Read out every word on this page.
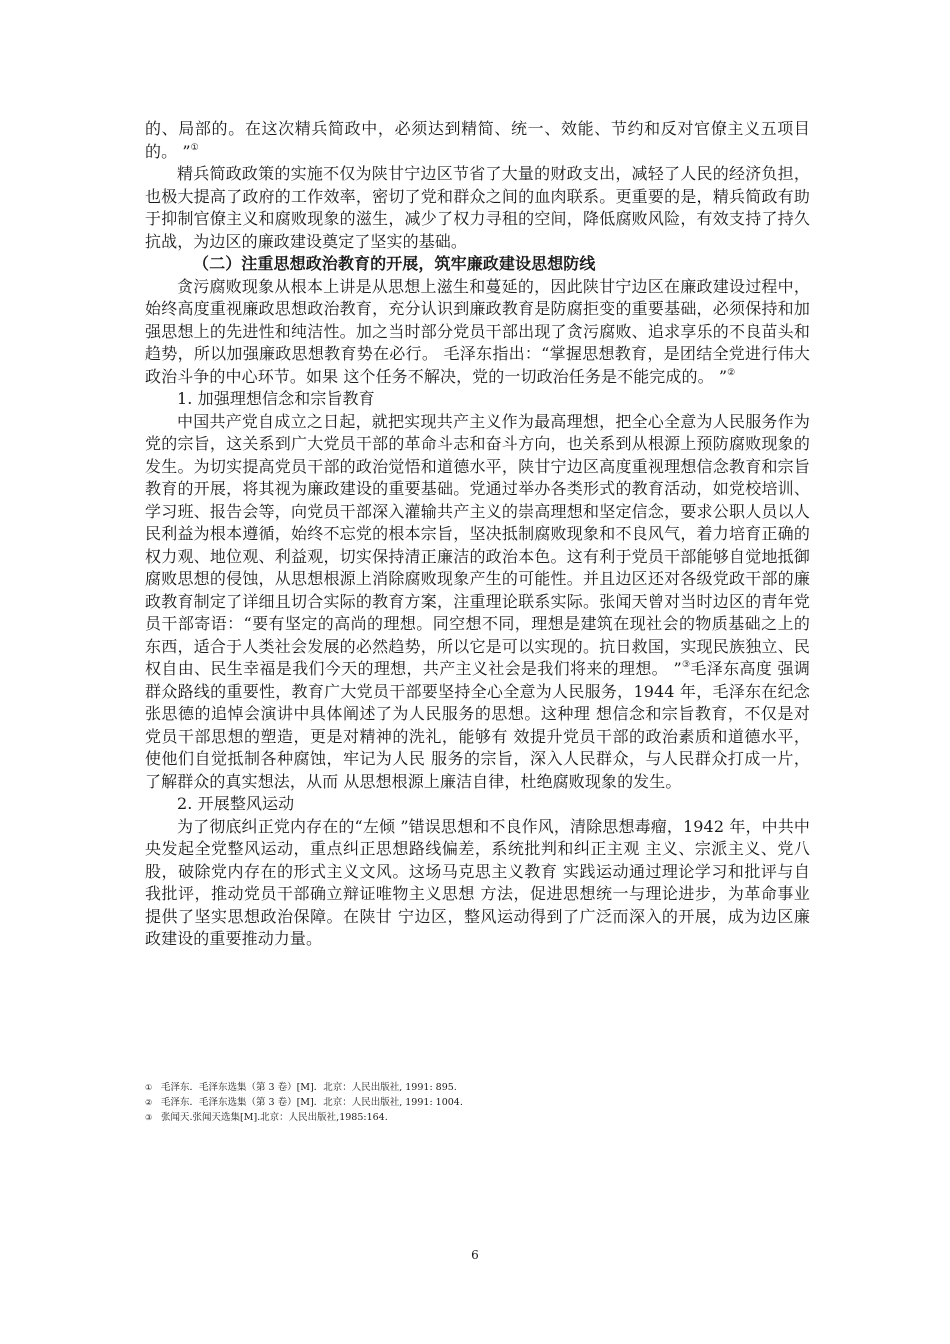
的、局部的。在这次精兵简政中，必须达到精简、统一、效能、节约和反对官僚主义五项目的。 ”①

精兵简政政策的实施不仅为陕甘宁边区节省了大量的财政支出，减轻了人民的经济负担，也极大提高了政府的工作效率，密切了党和群众之间的血肉联系。更重要的是，精兵简政有助于抑制官僚主义和腐败现象的滋生，减少了权力寻租的空间，降低腐败风险，有效支持了持久抗战，为边区的廉政建设奠定了坚实的基础。

（二）注重思想政治教育的开展，筑牢廉政建设思想防线

贪污腐败现象从根本上讲是从思想上滋生和蔓延的，因此陕甘宁边区在廉政建设过程中，始终高度重视廉政思想政治教育，充分认识到廉政教育是防腐拒变的重要基础，必须保持和加强思想上的先进性和纯洁性。加之当时部分党员干部出现了贪污腐败、追求享乐的不良苗头和趋势，所以加强廉政思想教育势在必行。 毛泽东指出：“掌握思想教育，是团结全党进行伟大政治斗争的中心环节。如果 这个任务不解决，党的一切政治任务是不能完成的。 ”②

1. 加强理想信念和宗旨教育

中国共产党自成立之日起，就把实现共产主义作为最高理想，把全心全意为人民服务作为党的宗旨，这关系到广大党员干部的革命斗志和奋斗方向，也关系到从根源上预防腐败现象的发生。为切实提高党员干部的政治觉悟和道德水平，陕甘宁边区高度重视理想信念教育和宗旨教育的开展，将其视为廉政建设的重要基础。党通过举办各类形式的教育活动，如党校培训、学习班、报告会等，向党员干部深入灌输共产主义的崇高理想和坚定信念，要求公职人员以人民利益为根本遵循，始终不忘党的根本宗旨，坚决抵制腐败现象和不良风气，着力培育正确的权力观、地位观、利益观，切实保持清正廉洁的政治本色。这有利于党员干部能够自觉地抵御腐败思想的侵蚀，从思想根源上消除腐败现象产生的可能性。并且边区还对各级党政干部的廉政教育制定了详细且切合实际的教育方案，注重理论联系实际。张闻天曾对当时边区的青年党员干部寄语：“要有坚定的高尚的理想。同空想不同，理想是建筑在现社会的物质基础之上的东西，适合于人类社会发展的必然趋势，所以它是可以实现的。抗日救国，实现民族独立、民权自由、民生幸福是我们今天的理想，共产主义社会是我们将来的理想。 ”③毛泽东高度 强调群众路线的重要性，教育广大党员干部要坚持全心全意为人民服务，1944 年，毛泽东在纪念张思德的追悼会演讲中具体阐述了为人民服务的思想。这种理 想信念和宗旨教育，不仅是对党员干部思想的塑造，更是对精神的洗礼，能够有 效提升党员干部的政治素质和道德水平，使他们自觉抵制各种腐蚀，牢记为人民 服务的宗旨，深入人民群众，与人民群众打成一片，了解群众的真实想法，从而 从思想根源上廉洁自律，杜绝腐败现象的发生。

2. 开展整风运动

为了彻底纠正党内存在的“左倾 ”错误思想和不良作风，清除思想毒瘤，1942 年，中共中央发起全党整风运动，重点纠正思想路线偏差，系统批判和纠正主观 主义、宗派主义、党八股，破除党内存在的形式主义文风。这场马克思主义教育 实践运动通过理论学习和批评与自我批评，推动党员干部确立辩证唯物主义思想 方法，促进思想统一与理论进步，为革命事业提供了坚实思想政治保障。在陕甘 宁边区，整风运动得到了广泛而深入的开展，成为边区廉政建设的重要推动力量。

① 毛泽东．毛泽东选集（第 3 卷）[M]．北京：人民出版社, 1991: 895.

② 毛泽东．毛泽东选集（第 3 卷）[M]．北京：人民出版社, 1991: 1004.

③ 张闻天.张闻天选集[M].北京：人民出版社,1985:164.

6
